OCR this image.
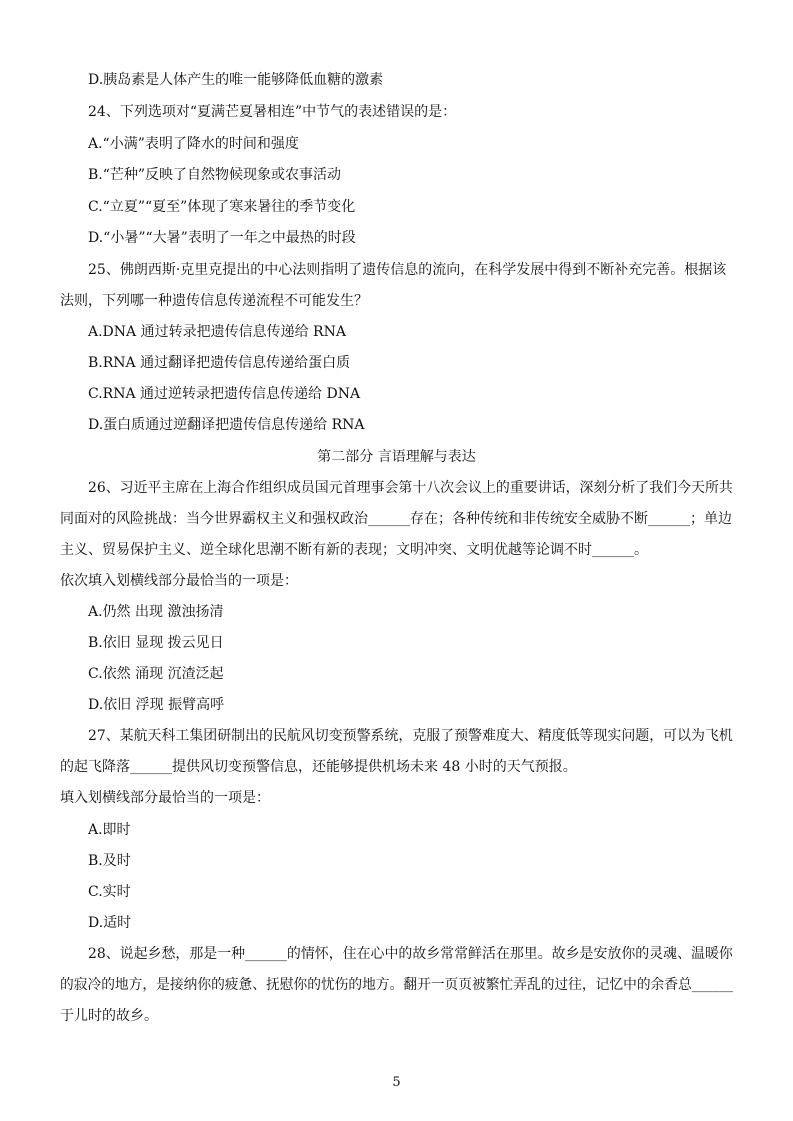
D.胰岛素是人体产生的唯一能够降低血糖的激素
24、下列选项对“夏满芒夏暑相连”中节气的表述错误的是：
A.“小满”表明了降水的时间和强度
B.“芒种”反映了自然物候现象或农事活动
C.“立夏”“夏至”体现了寒来暑往的季节变化
D.“小暑”“大暑”表明了一年之中最热的时段
25、佛朗西斯·克里克提出的中心法则指明了遗传信息的流向，在科学发展中得到不断补充完善。根据该
法则，下列哪一种遗传信息传递流程不可能发生？
A.DNA 通过转录把遗传信息传递给 RNA
B.RNA 通过翻译把遗传信息传递给蛋白质
C.RNA 通过逆转录把遗传信息传递给 DNA
D.蛋白质通过逆翻译把遗传信息传递给 RNA
第二部分 言语理解与表达
26、习近平主席在上海合作组织成员国元首理事会第十八次会议上的重要讲话，深刻分析了我们今天所共
同面对的风险挑战：当今世界霸权主义和强权政治______存在；各种传统和非传统安全威胁不断______；单边
主义、贸易保护主义、逆全球化思潮不断有新的表现；文明冲突、文明优越等论调不时______。
依次填入划横线部分最恰当的一项是：
A.仍然 出现 激浊扬清
B.依旧 显现 拨云见日
C.依然 涌现 沉渣泛起
D.依旧 浮现 振臂高呼
27、某航天科工集团研制出的民航风切变预警系统，克服了预警难度大、精度低等现实问题，可以为飞机
的起飞降落______提供风切变预警信息，还能够提供机场未来 48 小时的天气预报。
填入划横线部分最恰当的一项是：
A.即时
B.及时
C.实时
D.适时
28、说起乡愁，那是一种______的情怀，住在心中的故乡常常鲜活在那里。故乡是安放你的灵魂、温暖你
的寂冷的地方，是接纳你的疲惫、抚慰你的忧伤的地方。翻开一页页被繁忙弄乱的过往，记忆中的余香总______
于儿时的故乡。
5
